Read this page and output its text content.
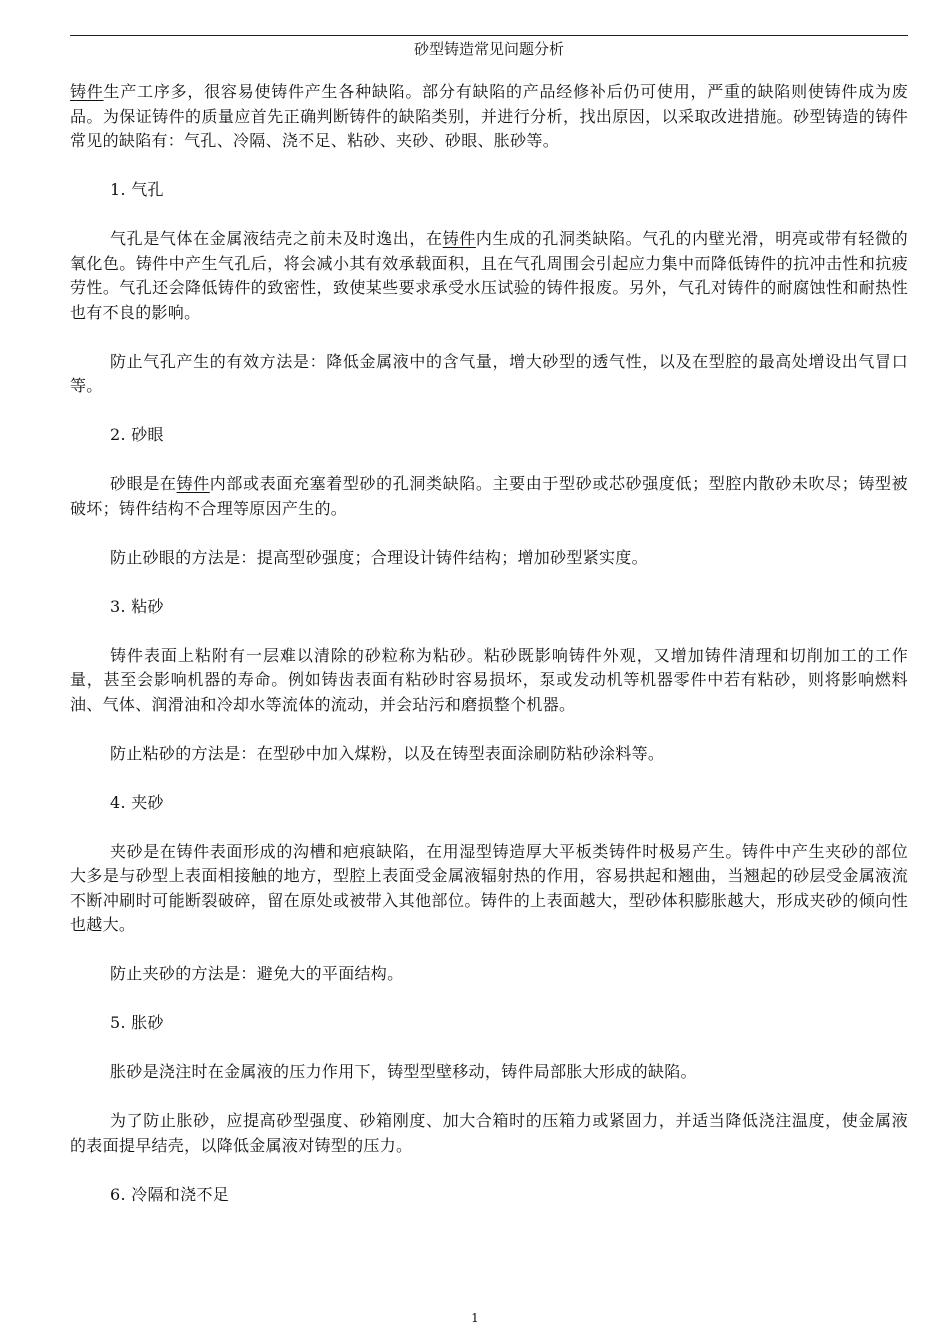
砂型铸造常见问题分析

铸件生产工序多，很容易使铸件产生各种缺陷。部分有缺陷的产品经修补后仍可使用，严重的缺陷则使铸件成为废品。为保证铸件的质量应首先正确判断铸件的缺陷类别，并进行分析，找出原因，以采取改进措施。砂型铸造的铸件常见的缺陷有：气孔、冷隔、浇不足、粘砂、夹砂、砂眼、胀砂等。

1. 气孔

气孔是气体在金属液结壳之前未及时逸出，在铸件内生成的孔洞类缺陷。气孔的内壁光滑，明亮或带有轻微的氧化色。铸件中产生气孔后，将会减小其有效承载面积，且在气孔周围会引起应力集中而降低铸件的抗冲击性和抗疲劳性。气孔还会降低铸件的致密性，致使某些要求承受水压试验的铸件报废。另外，气孔对铸件的耐腐蚀性和耐热性也有不良的影响。

防止气孔产生的有效方法是：降低金属液中的含气量，增大砂型的透气性，以及在型腔的最高处增设出气冒口等。

2. 砂眼

砂眼是在铸件内部或表面充塞着型砂的孔洞类缺陷。主要由于型砂或芯砂强度低；型腔内散砂未吹尽；铸型被破坏；铸件结构不合理等原因产生的。

防止砂眼的方法是：提高型砂强度；合理设计铸件结构；增加砂型紧实度。

3. 粘砂

铸件表面上粘附有一层难以清除的砂粒称为粘砂。粘砂既影响铸件外观，又增加铸件清理和切削加工的工作量，甚至会影响机器的寿命。例如铸齿表面有粘砂时容易损坏，泵或发动机等机器零件中若有粘砂，则将影响燃料油、气体、润滑油和冷却水等流体的流动，并会玷污和磨损整个机器。

防止粘砂的方法是：在型砂中加入煤粉，以及在铸型表面涂刷防粘砂涂料等。

4. 夹砂

夹砂是在铸件表面形成的沟槽和疤痕缺陷，在用湿型铸造厚大平板类铸件时极易产生。铸件中产生夹砂的部位大多是与砂型上表面相接触的地方，型腔上表面受金属液辐射热的作用，容易拱起和翘曲，当翘起的砂层受金属液流不断冲刷时可能断裂破碎，留在原处或被带入其他部位。铸件的上表面越大，型砂体积膨胀越大，形成夹砂的倾向性也越大。

防止夹砂的方法是：避免大的平面结构。

5. 胀砂

胀砂是浇注时在金属液的压力作用下，铸型型壁移动，铸件局部胀大形成的缺陷。

为了防止胀砂，应提高砂型强度、砂箱刚度、加大合箱时的压箱力或紧固力，并适当降低浇注温度，使金属液的表面提早结壳，以降低金属液对铸型的压力。

6. 冷隔和浇不足

1
